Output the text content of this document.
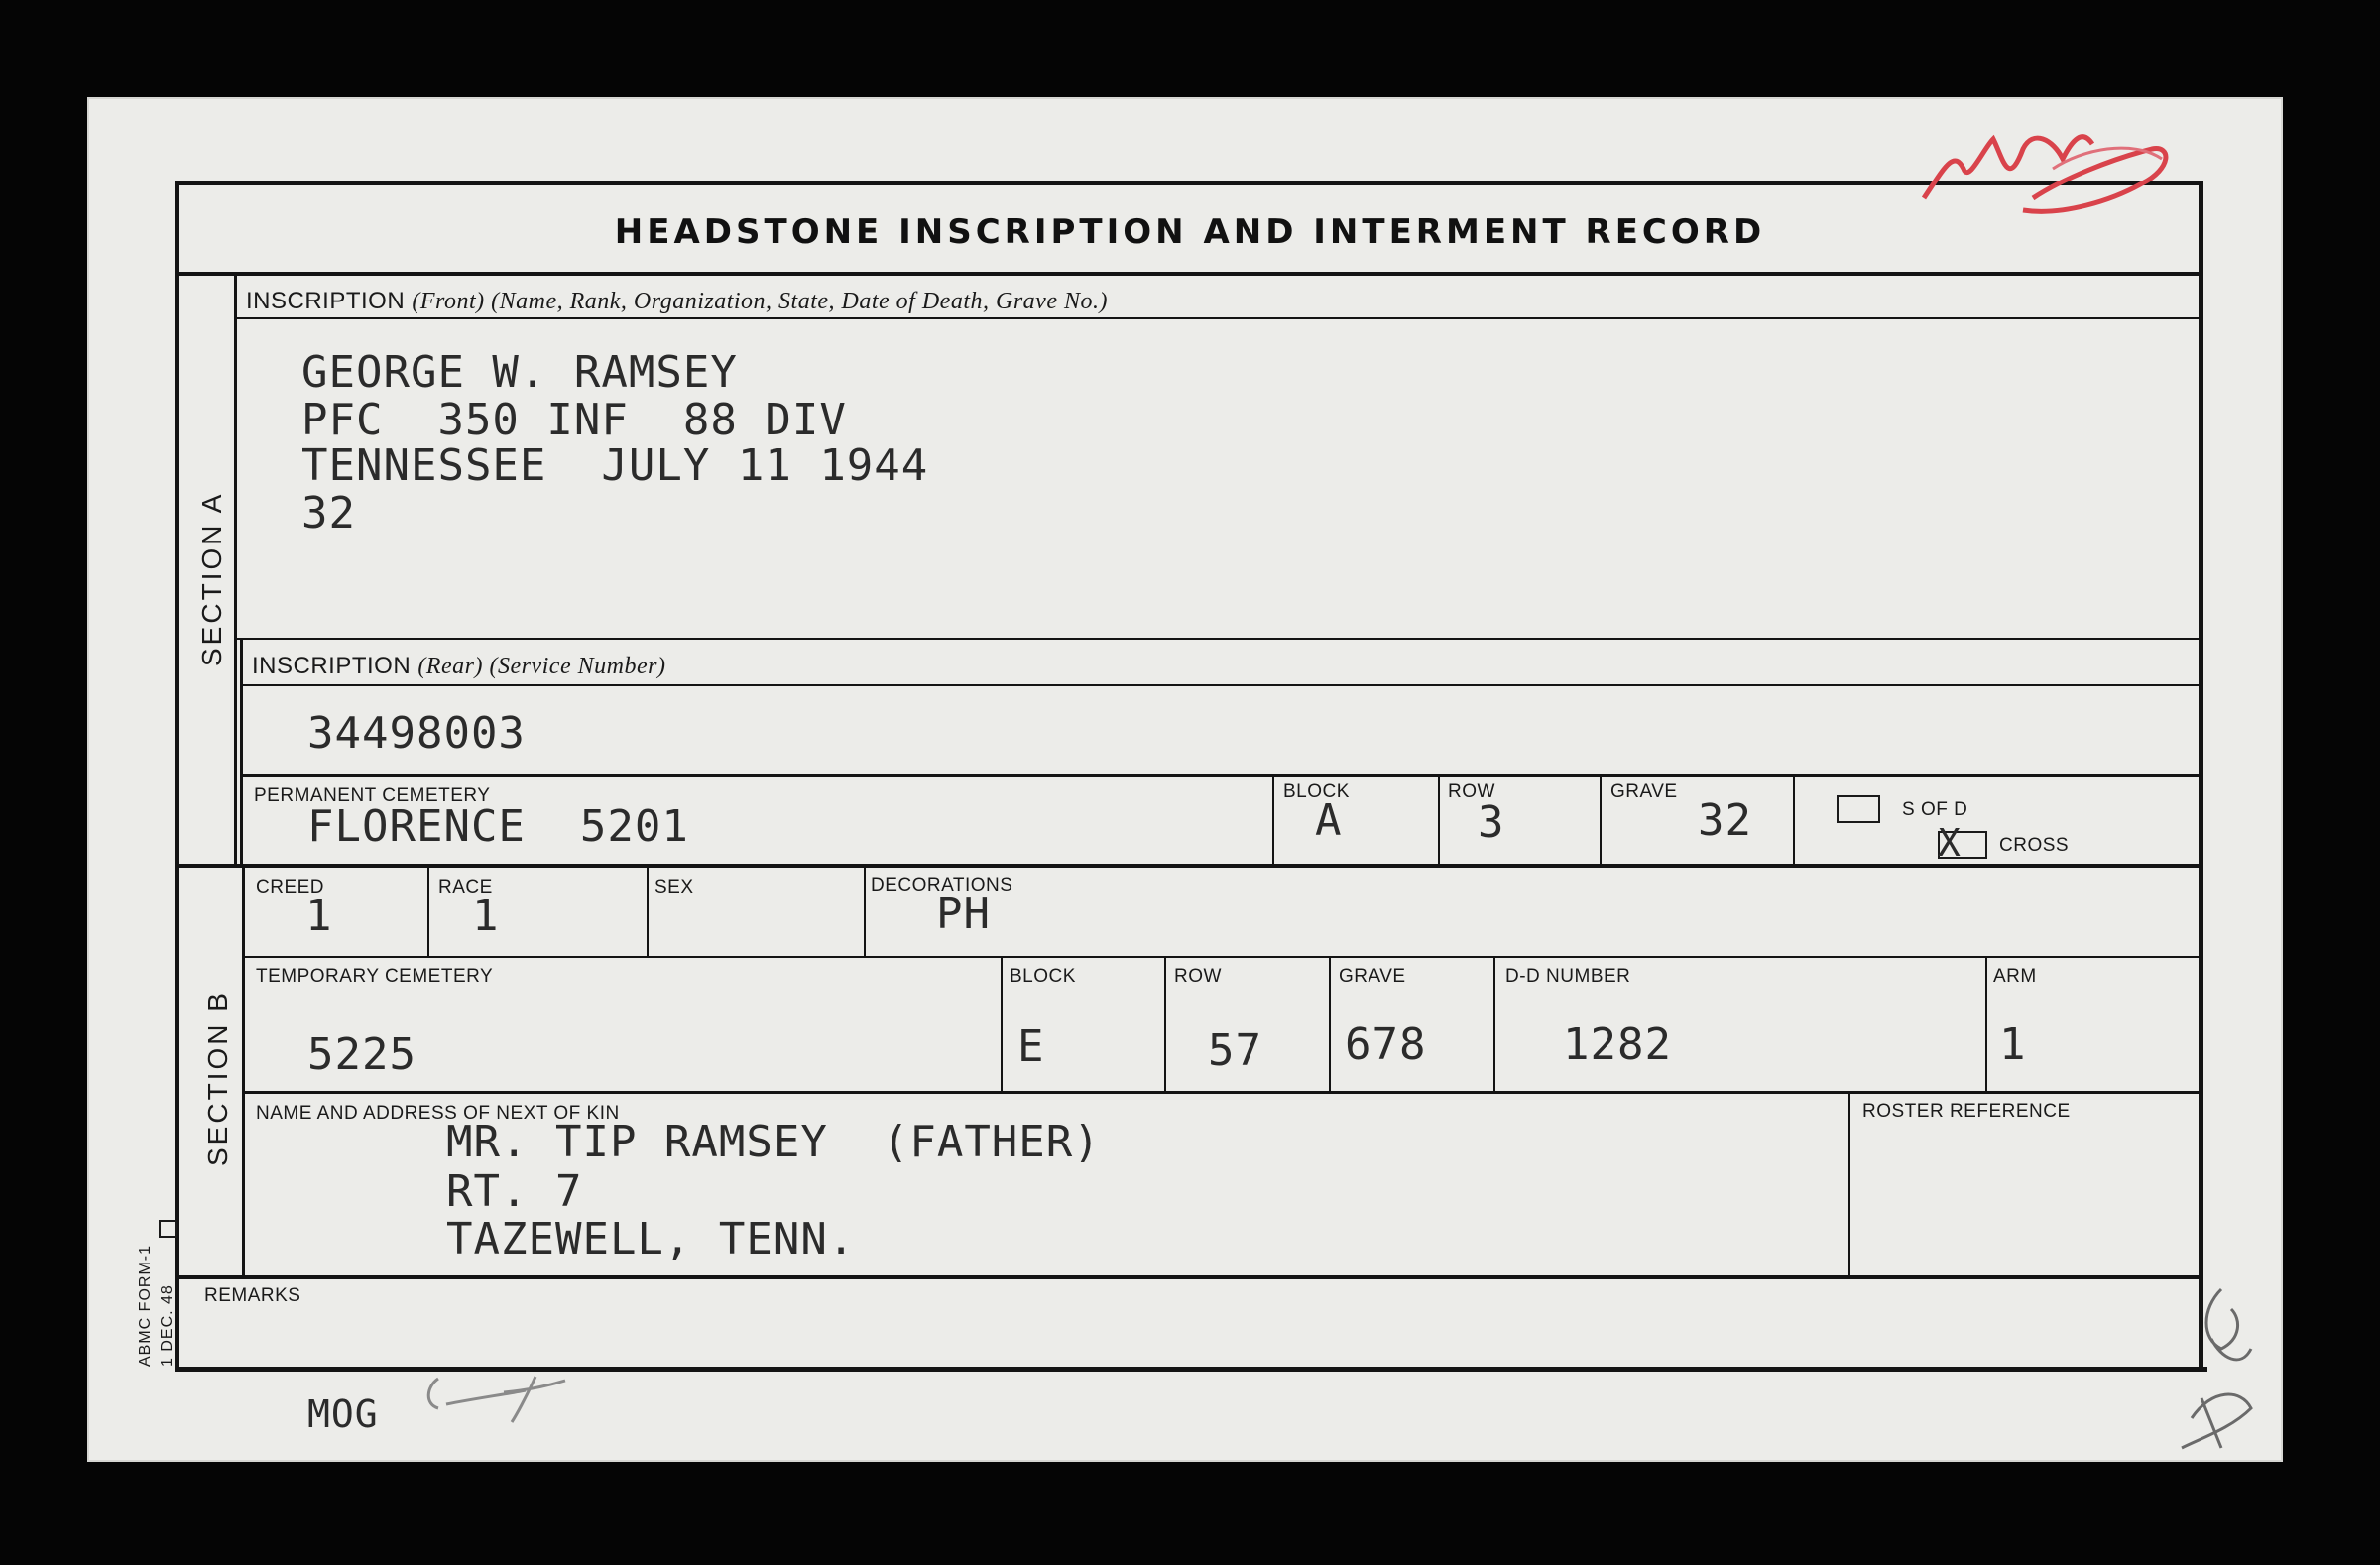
HEADSTONE INSCRIPTION AND INTERMENT RECORD
SECTION A
SECTION B
ABMC FORM-1 1 DEC. 48
INSCRIPTION (Front) (Name, Rank, Organization, State, Date of Death, Grave No.)
GEORGE W. RAMSEY
PFC  350 INF  88 DIV
TENNESSEE  JULY 11 1944
32
INSCRIPTION (Rear) (Service Number)
34498003
PERMANENT CEMETERY
FLORENCE  5201
BLOCK
A
ROW
3
GRAVE
32	S OF D
X CROSS
CREED
1
RACE
1
SEX	DECORATIONS
PH
TEMPORARY CEMETERY
5225
BLOCK
E
ROW
57
GRAVE
678
D-D NUMBER
1282
ARM
1
NAME AND ADDRESS OF NEXT OF KIN
MR. TIP RAMSEY  (FATHER)
RT. 7
TAZEWELL, TENN.
ROSTER REFERENCE
REMARKS
MOG
